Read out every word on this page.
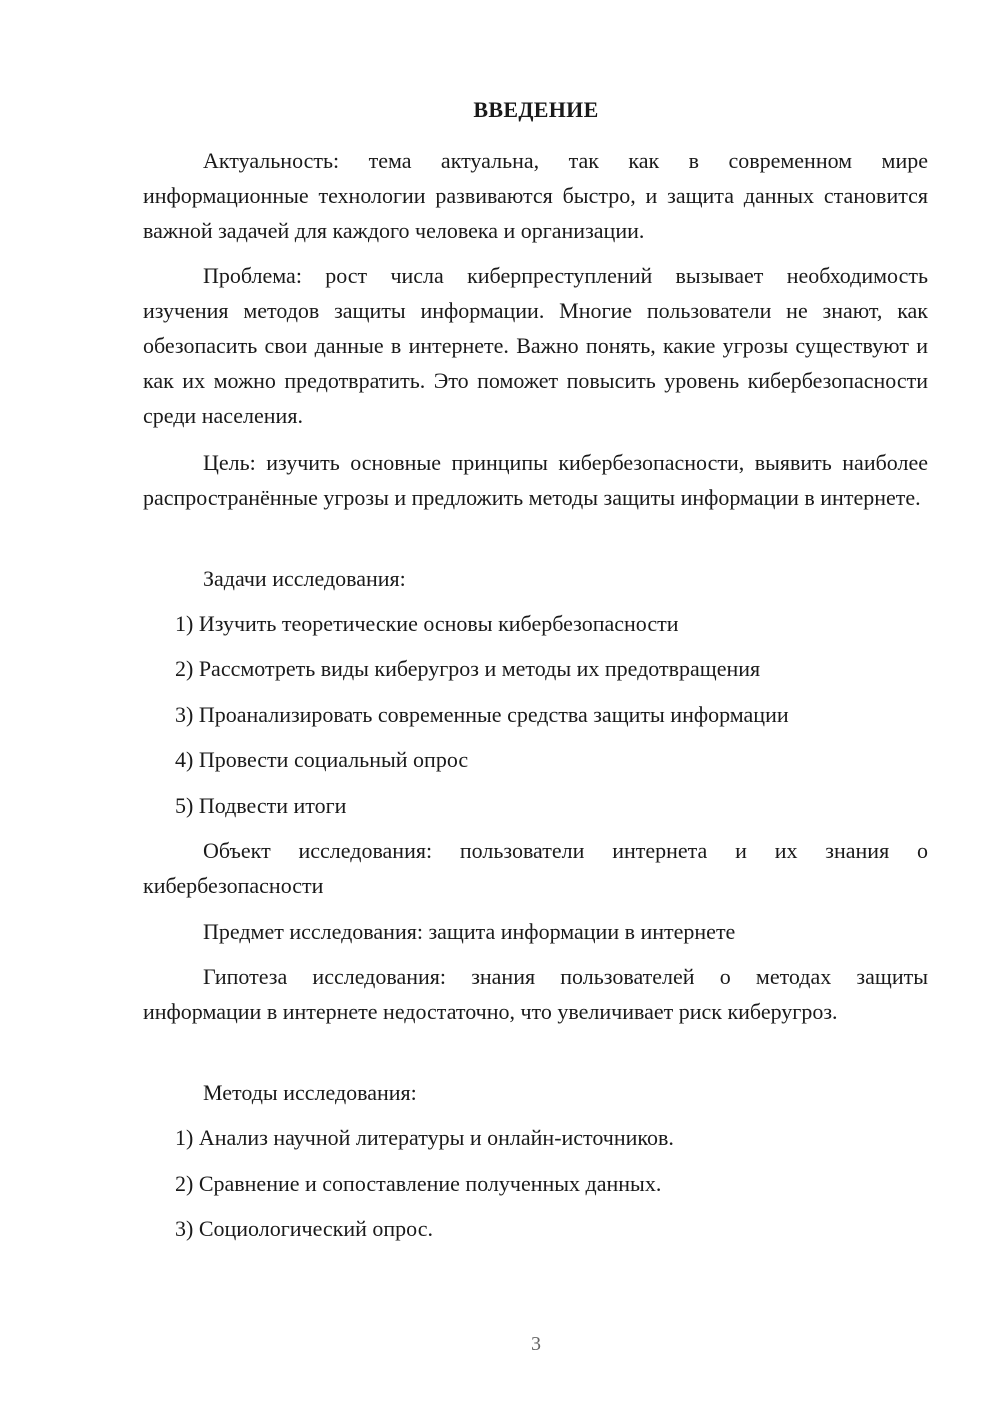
ВВЕДЕНИЕ

Актуальность: тема актуальна, так как в современном мире информационные технологии развиваются быстро, и защита данных становится важной задачей для каждого человека и организации.

Проблема: рост числа киберпреступлений вызывает необходимость изучения методов защиты информации. Многие пользователи не знают, как обезопасить свои данные в интернете. Важно понять, какие угрозы существуют и как их можно предотвратить. Это поможет повысить уровень кибербезопасности среди населения.

Цель: изучить основные принципы кибербезопасности, выявить наиболее распространённые угрозы и предложить методы защиты информации в интернете.

Задачи исследования:

1) Изучить теоретические основы кибербезопасности

2) Рассмотреть виды киберугроз и методы их предотвращения

3) Проанализировать современные средства защиты информации

4) Провести социальный опрос

5) Подвести итоги

Объект исследования: пользователи интернета и их знания о кибербезопасности

Предмет исследования: защита информации в интернете

Гипотеза исследования: знания пользователей о методах защиты информации в интернете недостаточно, что увеличивает риск киберугроз.

Методы исследования:

1) Анализ научной литературы и онлайн-источников.

2) Сравнение и сопоставление полученных данных.

3) Социологический опрос.

3
